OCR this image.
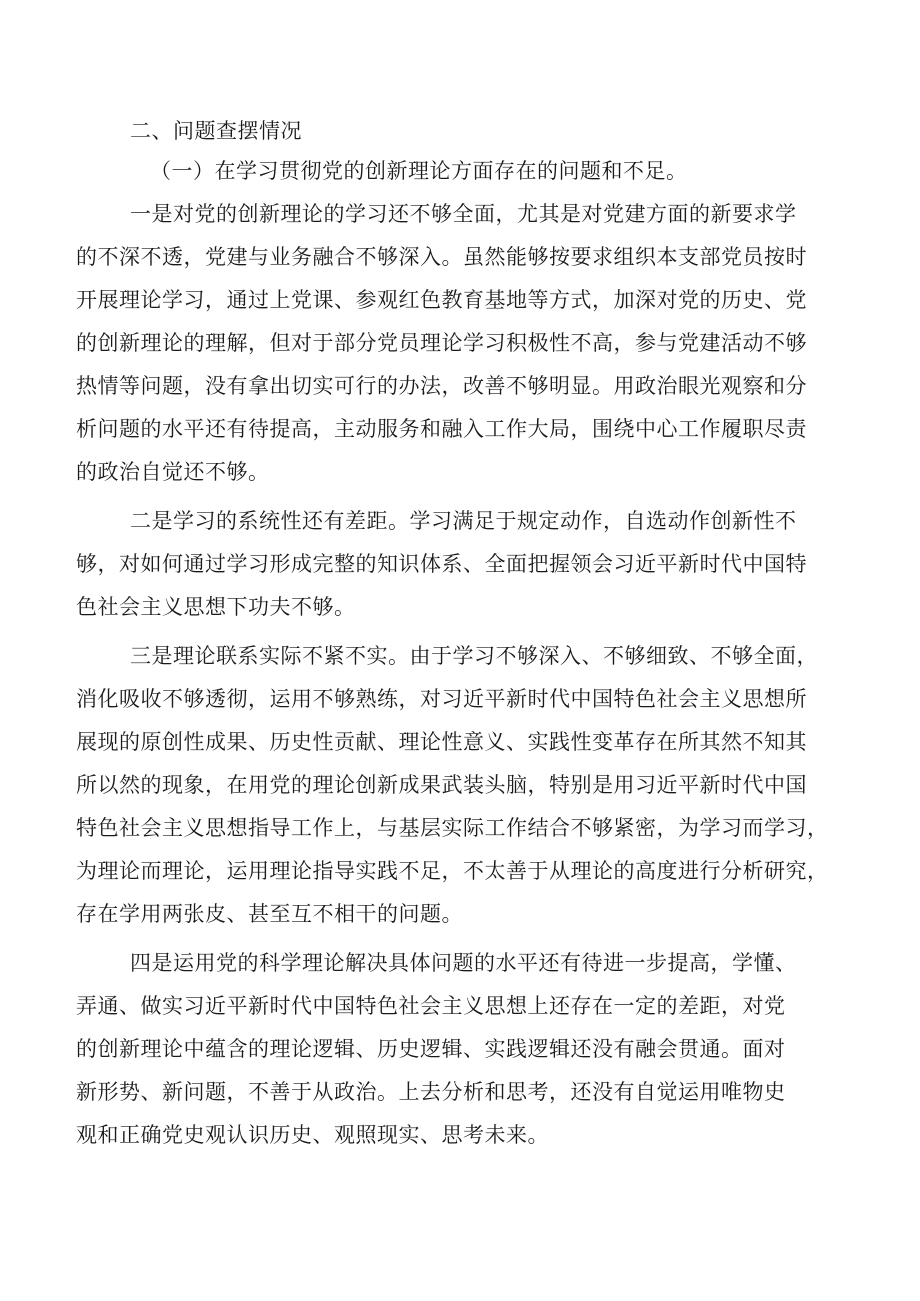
二、问题查摆情况
（一）在学习贯彻党的创新理论方面存在的问题和不足。
一是对党的创新理论的学习还不够全面，尤其是对党建方面的新要求学
的不深不透，党建与业务融合不够深入。虽然能够按要求组织本支部党员按时
开展理论学习，通过上党课、参观红色教育基地等方式，加深对党的历史、党
的创新理论的理解，但对于部分党员理论学习积极性不高，参与党建活动不够
热情等问题，没有拿出切实可行的办法，改善不够明显。用政治眼光观察和分
析问题的水平还有待提高，主动服务和融入工作大局，围绕中心工作履职尽责
的政治自觉还不够。
二是学习的系统性还有差距。学习满足于规定动作，自选动作创新性不
够，对如何通过学习形成完整的知识体系、全面把握领会习近平新时代中国特
色社会主义思想下功夫不够。
三是理论联系实际不紧不实。由于学习不够深入、不够细致、不够全面，
消化吸收不够透彻，运用不够熟练，对习近平新时代中国特色社会主义思想所
展现的原创性成果、历史性贡献、理论性意义、实践性变革存在所其然不知其
所以然的现象，在用党的理论创新成果武装头脑，特别是用习近平新时代中国
特色社会主义思想指导工作上，与基层实际工作结合不够紧密，为学习而学习，
为理论而理论，运用理论指导实践不足，不太善于从理论的高度进行分析研究，
存在学用两张皮、甚至互不相干的问题。
四是运用党的科学理论解决具体问题的水平还有待进一步提高，学懂、
弄通、做实习近平新时代中国特色社会主义思想上还存在一定的差距，对党
的创新理论中蕴含的理论逻辑、历史逻辑、实践逻辑还没有融会贯通。面对
新形势、新问题，不善于从政治。上去分析和思考，还没有自觉运用唯物史
观和正确党史观认识历史、观照现实、思考未来。
